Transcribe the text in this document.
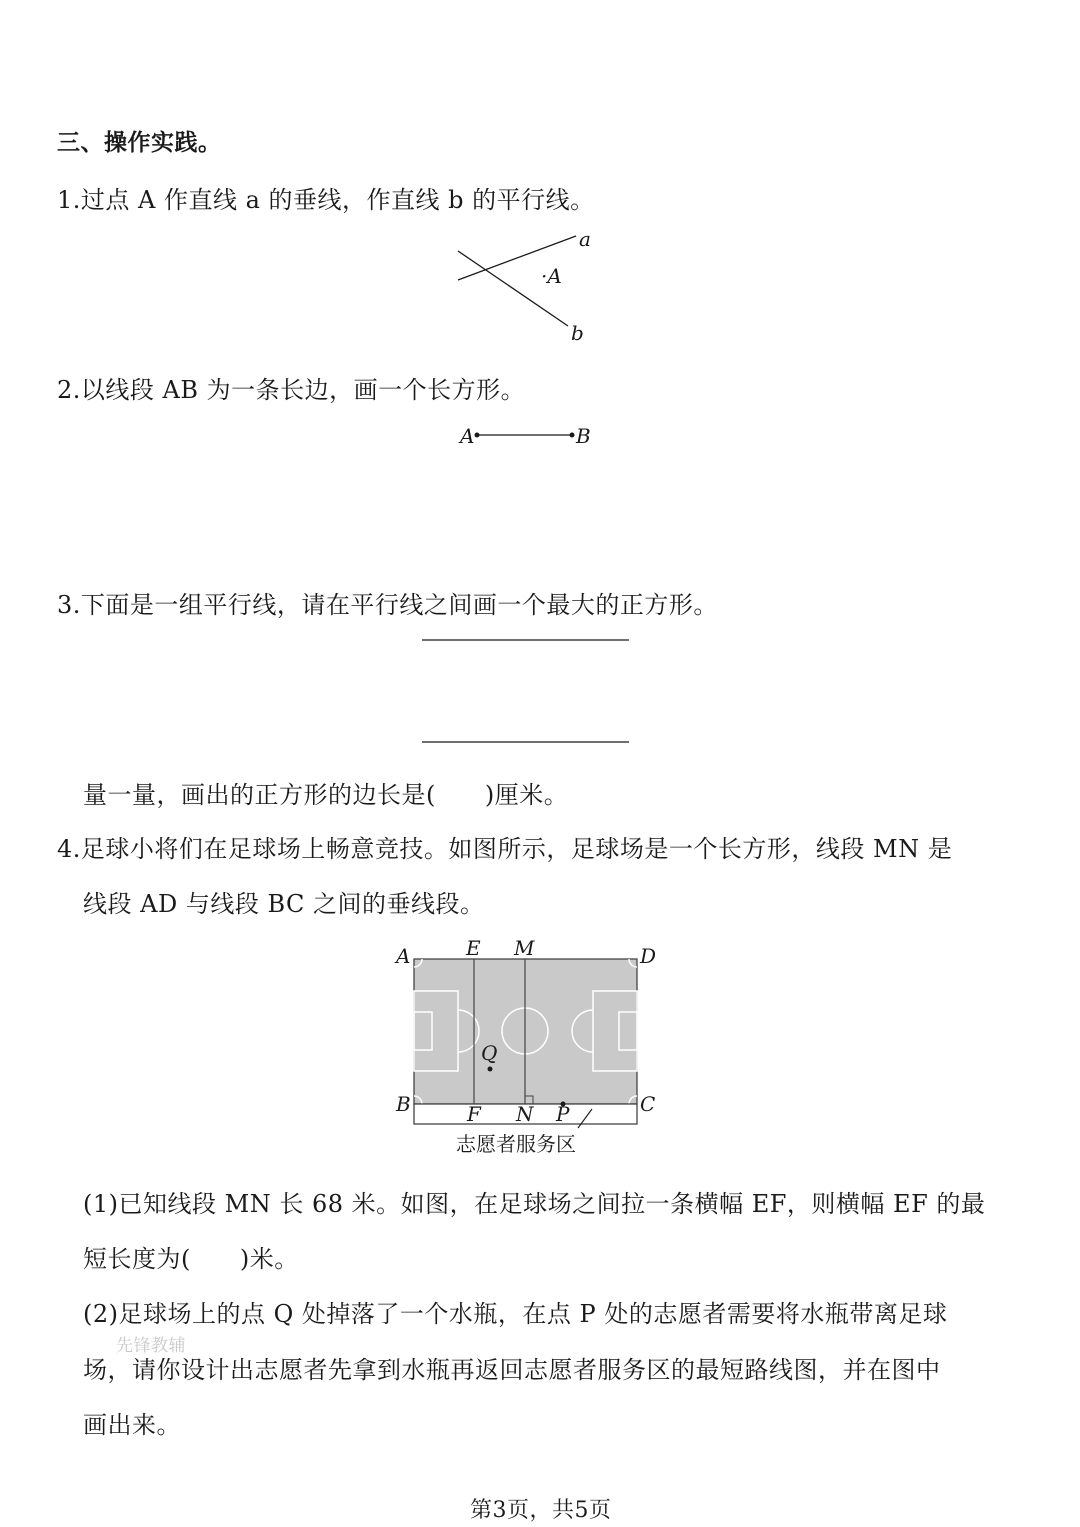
三、操作实践。
1.过点 A 作直线 a 的垂线，作直线 b 的平行线。
a
·A
b
A	B
A	E M	D
B	F N P	C
Q
志愿者服务区
2.以线段 AB 为一条长边，画一个长方形。
3.下面是一组平行线，请在平行线之间画一个最大的正方形。
量一量，画出的正方形的边长是(　　)厘米。
4.足球小将们在足球场上畅意竞技。如图所示，足球场是一个长方形，线段 MN 是
线段 AD 与线段 BC 之间的垂线段。
(1)已知线段 MN 长 68 米。如图，在足球场之间拉一条横幅 EF，则横幅 EF 的最
短长度为(　　)米。
(2)足球场上的点 Q 处掉落了一个水瓶，在点 P 处的志愿者需要将水瓶带离足球
先锋教辅
场，请你设计出志愿者先拿到水瓶再返回志愿者服务区的最短路线图，并在图中
画出来。
第3页，共5页
